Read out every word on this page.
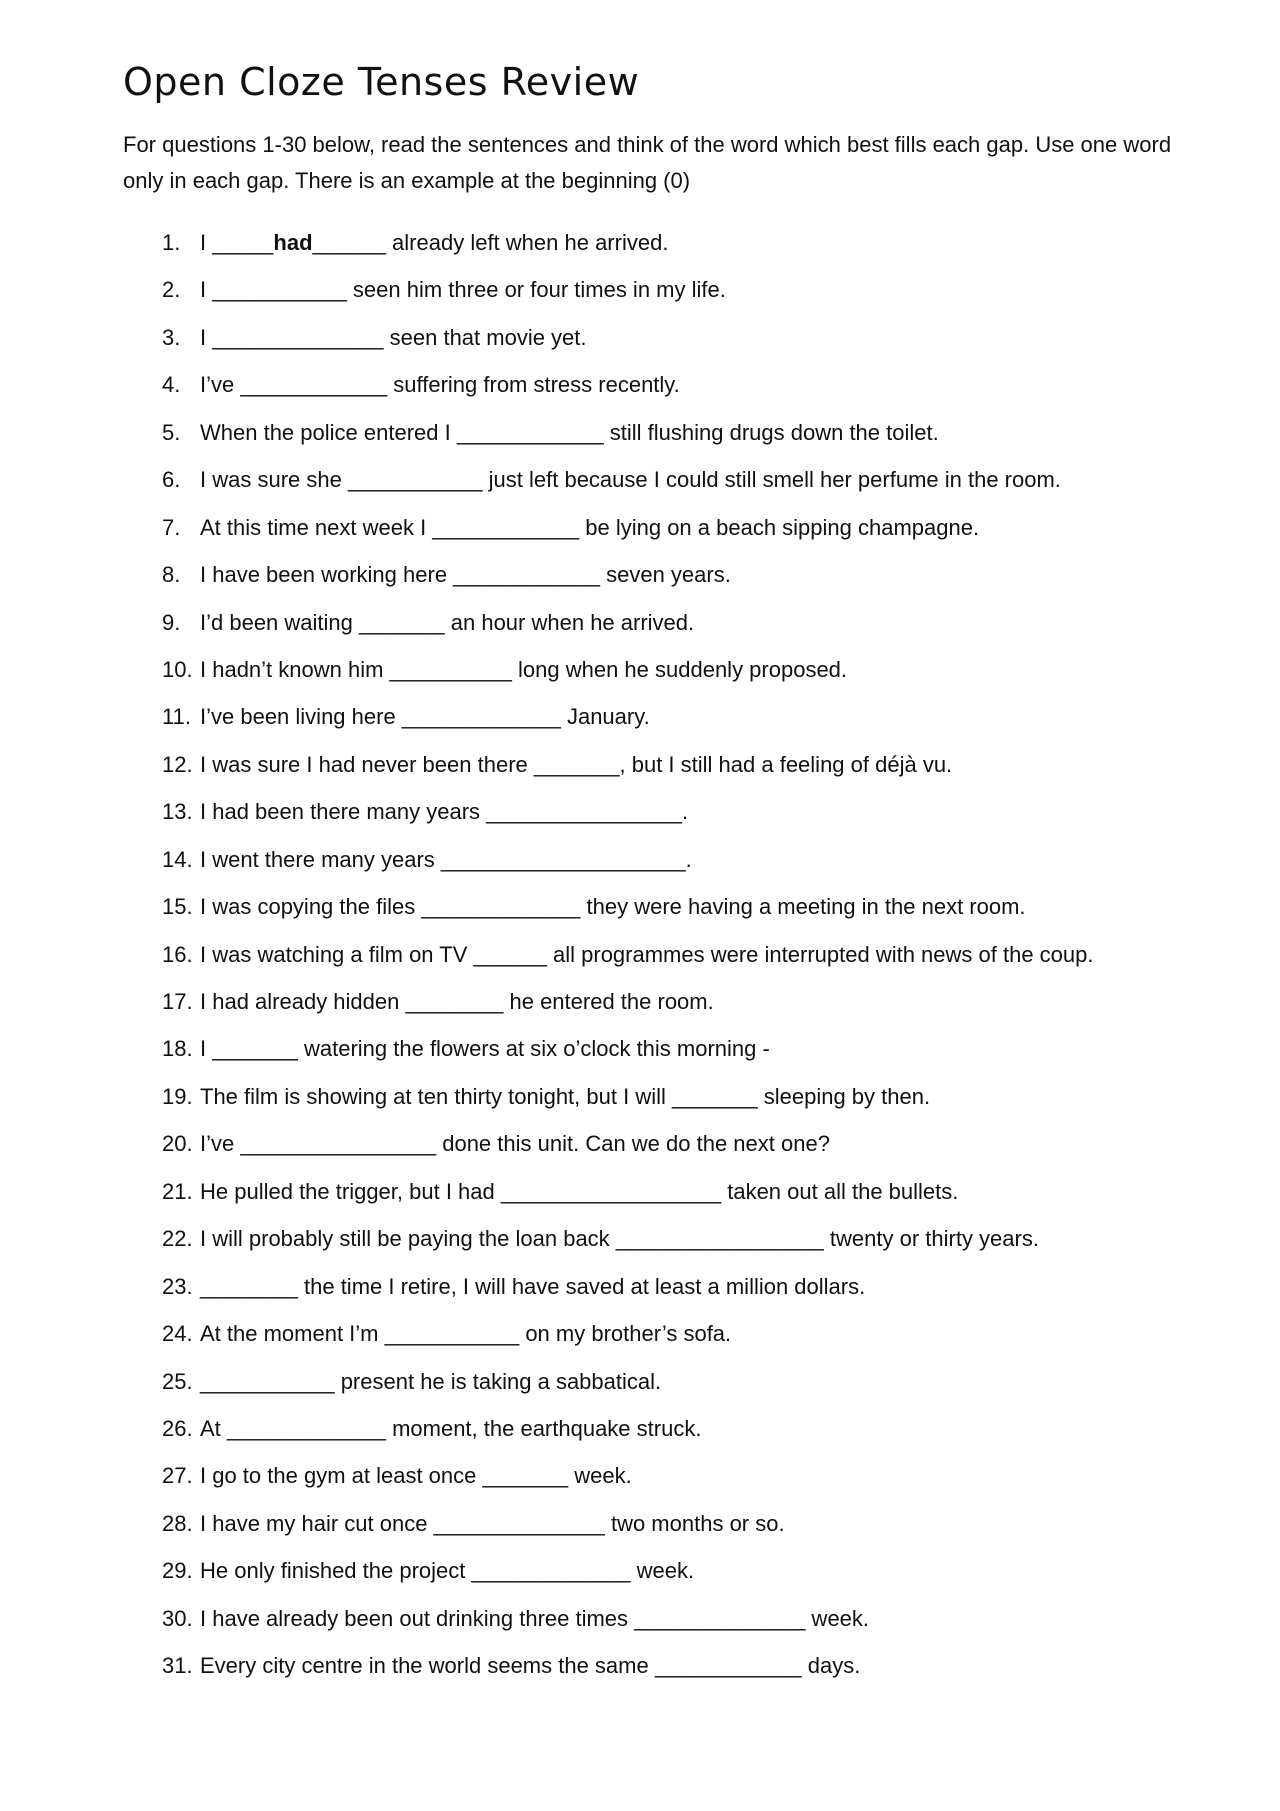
Open Cloze Tenses Review

For questions 1-30 below, read the sentences and think of the word which best fills each gap. Use one word only in each gap. There is an example at the beginning (0)

1. I _____had______ already left when he arrived.
2. I ___________ seen him three or four times in my life.
3. I ______________ seen that movie yet.
4. I’ve ____________ suffering from stress recently.
5. When the police entered I ____________ still flushing drugs down the toilet.
6. I was sure she ___________ just left because I could still smell her perfume in the room.
7. At this time next week I ____________ be lying on a beach sipping champagne.
8. I have been working here ____________ seven years.
9. I’d been waiting _______ an hour when he arrived.
10. I hadn’t known him __________ long when he suddenly proposed.
11. I’ve been living here _____________ January.
12. I was sure I had never been there _______, but I still had a feeling of déjà vu.
13. I had been there many years ________________.
14. I went there many years ____________________.
15. I was copying the files _____________ they were having a meeting in the next room.
16. I was watching a film on TV ______ all programmes were interrupted with news of the coup.
17. I had already hidden ________ he entered the room.
18. I _______ watering the flowers at six o’clock this morning -
19. The film is showing at ten thirty tonight, but I will _______ sleeping by then.
20. I’ve ________________ done this unit. Can we do the next one?
21. He pulled the trigger, but I had __________________ taken out all the bullets.
22. I will probably still be paying the loan back _________________ twenty or thirty years.
23. ________ the time I retire, I will have saved at least a million dollars.
24. At the moment I’m ___________ on my brother’s sofa.
25. ___________ present he is taking a sabbatical.
26. At _____________ moment, the earthquake struck.
27. I go to the gym at least once _______ week.
28. I have my hair cut once ______________ two months or so.
29. He only finished the project _____________ week.
30. I have already been out drinking three times ______________ week.
31. Every city centre in the world seems the same ____________ days.
